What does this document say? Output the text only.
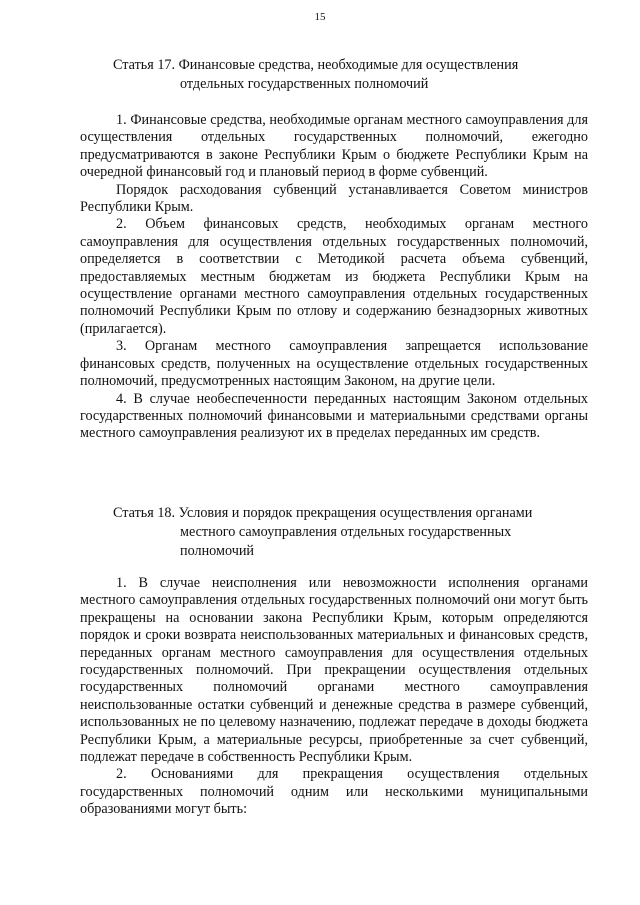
15
Статья 17. Финансовые средства, необходимые для осуществления
отдельных государственных полномочий

1. Финансовые средства, необходимые органам местного самоуправления для осуществления отдельных государственных полномочий, ежегодно предусматриваются в законе Республики Крым о бюджете Республики Крым на очередной финансовый год и плановый период в форме субвенций.

Порядок расходования субвенций устанавливается Советом министров Республики Крым.

2. Объем финансовых средств, необходимых органам местного самоуправления для осуществления отдельных государственных полномочий, определяется в соответствии с Методикой расчета объема субвенций, предоставляемых местным бюджетам из бюджета Республики Крым на осуществление органами местного самоуправления отдельных государственных полномочий Республики Крым по отлову и содержанию безнадзорных животных (прилагается).

3. Органам местного самоуправления запрещается использование финансовых средств, полученных на осуществление отдельных государственных полномочий, предусмотренных настоящим Законом, на другие цели.

4. В случае необеспеченности переданных настоящим Законом отдельных государственных полномочий финансовыми и материальными средствами органы местного самоуправления реализуют их в пределах переданных им средств.

Статья 18. Условия и порядок прекращения осуществления органами
местного самоуправления отдельных государственных
полномочий

1. В случае неисполнения или невозможности исполнения органами местного самоуправления отдельных государственных полномочий они могут быть прекращены на основании закона Республики Крым, которым определяются порядок и сроки возврата неиспользованных материальных и финансовых средств, переданных органам местного самоуправления для осуществления отдельных государственных полномочий. При прекращении осуществления отдельных государственных полномочий органами местного самоуправления неиспользованные остатки субвенций и денежные средства в размере субвенций, использованных не по целевому назначению, подлежат передаче в доходы бюджета Республики Крым, а материальные ресурсы, приобретенные за счет субвенций, подлежат передаче в собственность Республики Крым.

2. Основаниями для прекращения осуществления отдельных государственных полномочий одним или несколькими муниципальными образованиями могут быть:
